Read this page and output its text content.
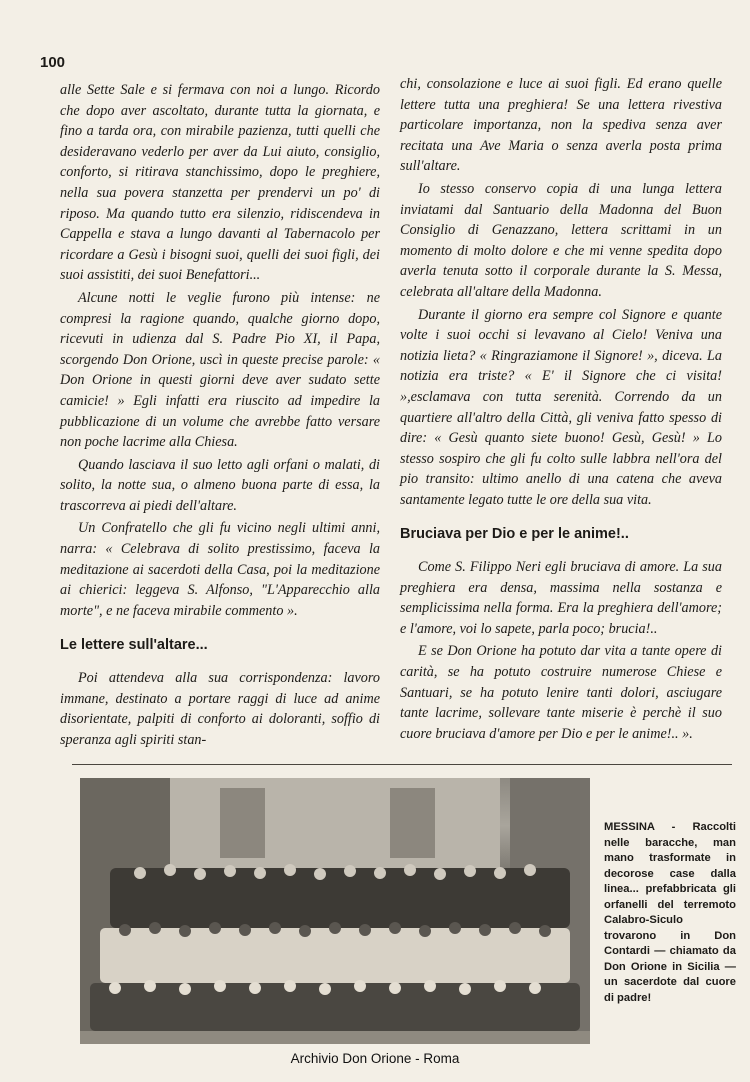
100

alle Sette Sale e si fermava con noi a lungo. Ricordo che dopo aver ascoltato, durante tutta la giornata, e fino a tarda ora, con mirabile pazienza, tutti quelli che desideravano vederlo per aver da Lui aiuto, consiglio, conforto, si ritirava stanchissimo, dopo le preghiere, nella sua povera stanzetta per prendervi un po' di riposo. Ma quando tutto era silenzio, ridiscendeva in Cappella e stava a lungo davanti al Tabernacolo per ricordare a Gesù i bisogni suoi, quelli dei suoi figli, dei suoi assistiti, dei suoi Benefattori...

Alcune notti le veglie furono più intense: ne compresi la ragione quando, qualche giorno dopo, ricevuti in udienza dal S. Padre Pio XI, il Papa, scorgendo Don Orione, uscì in queste precise parole: « Don Orione in questi giorni deve aver sudato sette camicie! » Egli infatti era riuscito ad impedire la pubblicazione di un volume che avrebbe fatto versare non poche lacrime alla Chiesa.

Quando lasciava il suo letto agli orfani o malati, di solito, la notte sua, o almeno buona parte di essa, la trascorreva ai piedi dell'altare.

Un Confratello che gli fu vicino negli ultimi anni, narra: « Celebrava di solito prestissimo, faceva la meditazione ai sacerdoti della Casa, poi la meditazione ai chierici: leggeva S. Alfonso, "L'Apparecchio alla morte", e ne faceva mirabile commento ».

Le lettere sull'altare...

Poi attendeva alla sua corrispondenza: lavoro immane, destinato a portare raggi di luce ad anime disorientate, palpiti di conforto ai doloranti, soffio di speranza agli spiriti stan-

chi, consolazione e luce ai suoi figli. Ed erano quelle lettere tutta una preghiera! Se una lettera rivestiva particolare importanza, non la spediva senza aver recitata una Ave Maria o senza averla posta prima sull'altare.

Io stesso conservo copia di una lunga lettera inviatami dal Santuario della Madonna del Buon Consiglio di Genazzano, lettera scrittami in un momento di molto dolore e che mi venne spedita dopo averla tenuta sotto il corporale durante la S. Messa, celebrata all'altare della Madonna.

Durante il giorno era sempre col Signore e quante volte i suoi occhi si levavano al Cielo! Veniva una notizia lieta? « Ringraziamone il Signore! », diceva. La notizia era triste? « E' il Signore che ci visita! »,esclamava con tutta serenità. Correndo da un quartiere all'altro della Città, gli veniva fatto spesso di dire: « Gesù quanto siete buono! Gesù, Gesù! » Lo stesso sospiro che gli fu colto sulle labbra nell'ora del pio transito: ultimo anello di una catena che aveva santamente legato tutte le ore della sua vita.

Bruciava per Dio e per le anime!..

Come S. Filippo Neri egli bruciava di amore. La sua preghiera era densa, massima nella sostanza e semplicissima nella forma. Era la preghiera dell'amore; e l'amore, voi lo sapete, parla poco; brucia!..

E se Don Orione ha potuto dar vita a tante opere di carità, se ha potuto costruire numerose Chiese e Santuari, se ha potuto lenire tanti dolori, asciugare tante lacrime, sollevare tante miserie è perchè il suo cuore bruciava d'amore per Dio e per le anime!.. ».

MESSINA - Raccolti nelle baracche, man mano trasformate in decorose case dalla linea... prefabbricata gli orfanelli del terremoto Calabro-Siculo trovarono in Don Contardi — chiamato da Don Orione in Sicilia — un sacerdote dal cuore di padre!
Archivio Don Orione - Roma
